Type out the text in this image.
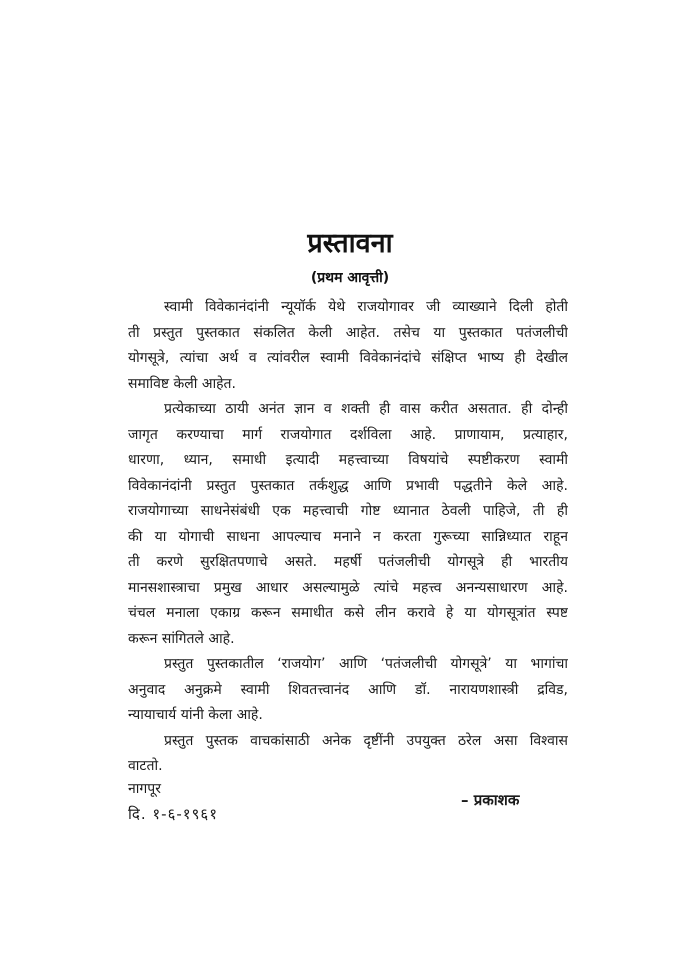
प्रस्तावना
(प्रथम आवृत्ती)

स्वामी विवेकानंदांनी न्यूयॉर्क येथे राजयोगावर जी व्याख्याने दिली होती
ती प्रस्तुत पुस्तकात संकलित केली आहेत. तसेच या पुस्तकात पतंजलीची
योगसूत्रे, त्यांचा अर्थ व त्यांवरील स्वामी विवेकानंदांचे संक्षिप्त भाष्य ही देखील
समाविष्ट केली आहेत.

प्रत्येकाच्या ठायी अनंत ज्ञान व शक्ती ही वास करीत असतात. ही दोन्ही
जागृत करण्याचा मार्ग राजयोगात दर्शविला आहे. प्राणायाम, प्रत्याहार,
धारणा, ध्यान, समाधी इत्यादी महत्त्वाच्या विषयांचे स्पष्टीकरण स्वामी
विवेकानंदांनी प्रस्तुत पुस्तकात तर्कशुद्ध आणि प्रभावी पद्धतीने केले आहे.
राजयोगाच्या साधनेसंबंधी एक महत्त्वाची गोष्ट ध्यानात ठेवली पाहिजे, ती ही
की या योगाची साधना आपल्याच मनाने न करता गुरूच्या सान्निध्यात राहून
ती करणे सुरक्षितपणाचे असते. महर्षी पतंजलीची योगसूत्रे ही भारतीय
मानसशास्त्राचा प्रमुख आधार असल्यामुळे त्यांचे महत्त्व अनन्यसाधारण आहे.
चंचल मनाला एकाग्र करून समाधीत कसे लीन करावे हे या योगसूत्रांत स्पष्ट
करून सांगितले आहे.

प्रस्तुत पुस्तकातील ‘राजयोग’ आणि ‘पतंजलीची योगसूत्रे’ या भागांचा
अनुवाद अनुक्रमे स्वामी शिवतत्त्वानंद आणि डॉ. नारायणशास्त्री द्रविड,
न्यायाचार्य यांनी केला आहे.

प्रस्तुत पुस्तक वाचकांसाठी अनेक दृष्टींनी उपयुक्त ठरेल असा विश्वास
वाटतो.

नागपूर
दि. १-६-१९६१
– प्रकाशक
